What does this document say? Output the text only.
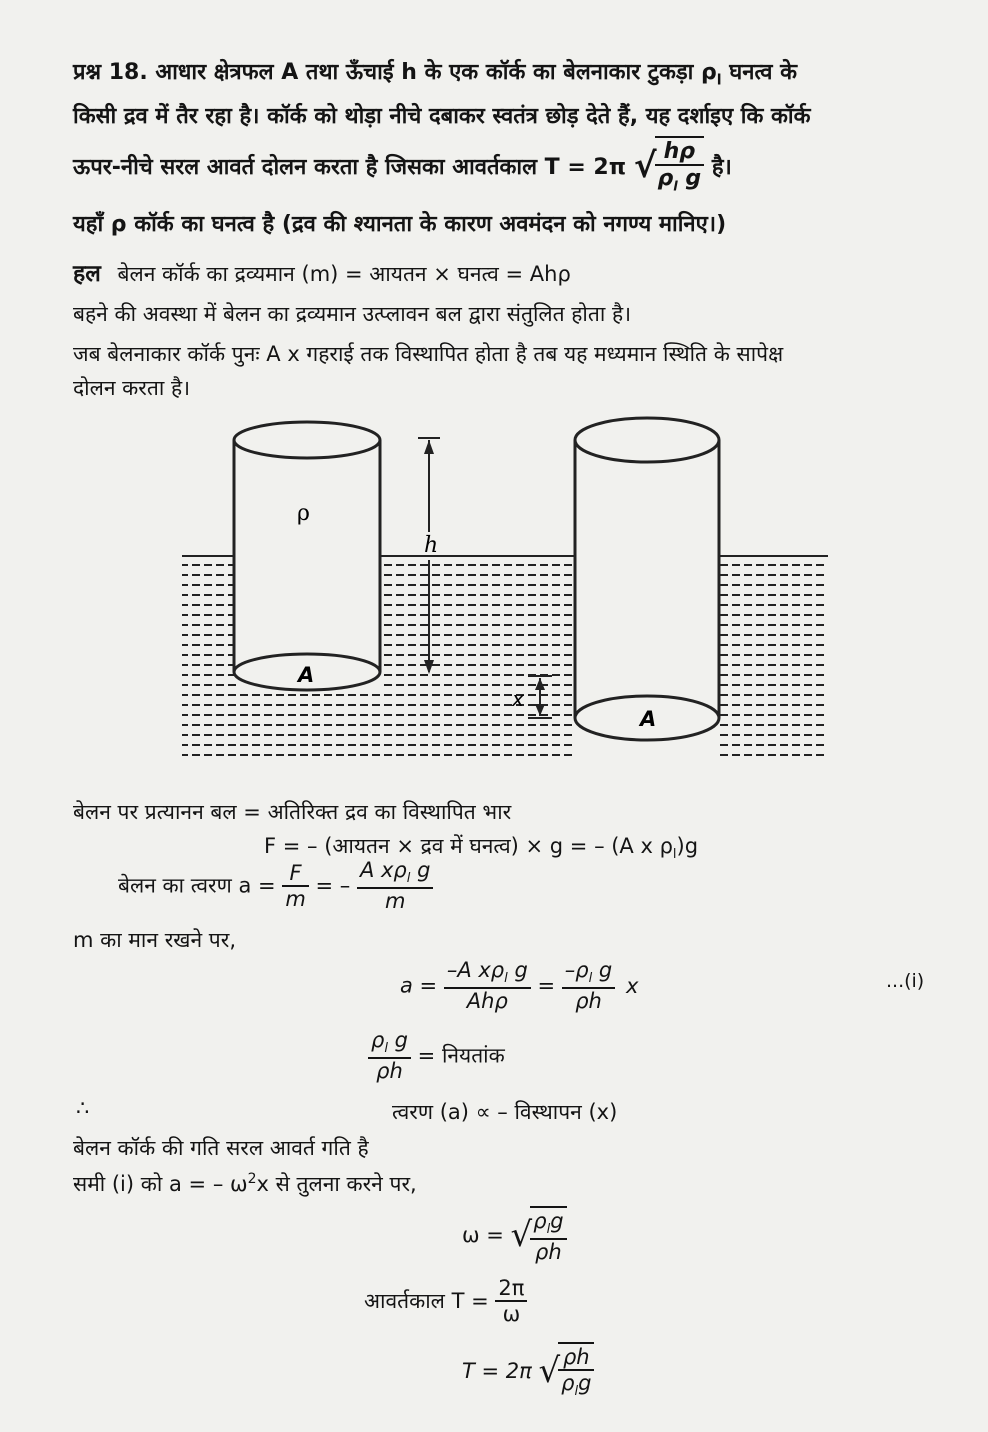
प्रश्न 18. आधार क्षेत्रफल A तथा ऊँचाई h के एक कॉर्क का बेलनाकार टुकड़ा $\rho_l$ घनत्व के
किसी द्रव में तैर रहा है। कॉर्क को थोड़ा नीचे दबाकर स्वतंत्र छोड़ देते हैं, यह दर्शाइए कि कॉर्क
ऊपर-नीचे सरल आवर्त दोलन करता है जिसका आवर्तकाल T = 2π √
$\frac{h\rho}{\rho_l g}$ है।
यहाँ ρ कॉर्क का घनत्व है (द्रव की श्यानता के कारण अवमंदन को नगण्य मानिए।)
हल बेलन कॉर्क का द्रव्यमान (m) = आयतन × घनत्व = Ahρ
बहने की अवस्था में बेलन का द्रव्यमान उत्प्लावन बल द्वारा संतुलित होता है।
जब बेलनाकार कॉर्क पुनः A x गहराई तक विस्थापित होता है तब यह मध्यमान स्थिति के सापेक्ष
दोलन करता है।
ρ
h
A
A
x
बेलन पर प्रत्यानन बल = अतिरिक्त द्रव का विस्थापित भार
F = – (आयतन × द्रव में घनत्व) × g = – (A x $\rho_l)g$
बेलन का त्वरण $a = \frac{F}{m}$ = – $\frac{A x\rho_l g}{m}$
m का मान रखने पर,
$a = \frac{-A x\rho_l g}{\text{Ahρ}} = \frac{-\rho_l g}{\rho h}$ x	...(i)
$\frac{\rho_l g}{\rho h}$ = नियतांक
∴	त्वरण (a) ∝ – विस्थापन (x)
बेलन कॉर्क की गति सरल आवर्त गति है
समी (i) को a = – $\omega^2x$ से तुलना करने पर,
ω = √
$\frac{\rho_lg}{\rho h}$
आवर्तकाल $T = \frac{2\pi}{\omega}$
T = 2π √
$\frac{\rho h}{\rho_lg}$
